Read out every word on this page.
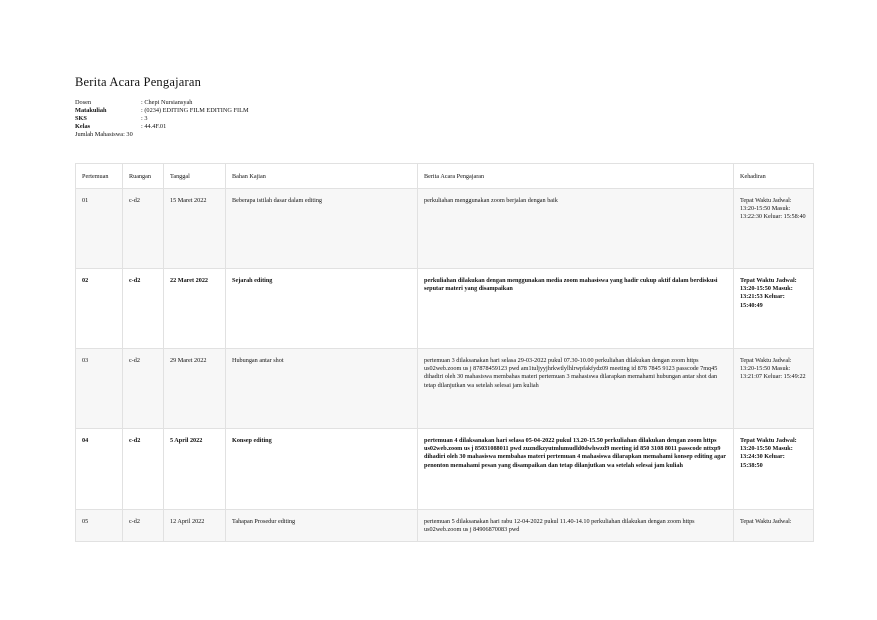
Berita Acara Pengajaran
Dosen	: Chepi Nursiansyah
Matakuliah	: (0234) EDITING FILM EDITING FILM
SKS	: 3
Kelas	: 44.4F.01
Jumlah Mahasiswa : 30
Pertemuan	Ruangan	Tanggal	Bahan Kajian	Berita Acara Pengajaran	Kehadiran
01	c-d2	15 Maret 2022	Beberapa istilah dasar dalam editing	perkuliahan menggunakan zoom berjalan dengan baik	Tepat Waktu Jadwal: 13:20-15:50 Masuk: 13:22:30 Keluar: 15:58:40
02	c-d2	22 Maret 2022	Sejarah editing	perkuliahan dilakukan dengan menggunakan media zoom mahasiswa yang hadir cukup aktif dalam berdiskusi seputar materi yang disampaikan	Tepat Waktu Jadwal: 13:20-15:50 Masuk: 13:21:53 Keluar: 15:40:49
03	c-d2	29 Maret 2022	Hubungan antar shot	pertemuan 3 dilaksanakan hari selasa 29-03-2022 pukul 07.30-10.00 perkuliahan dilakukan dengan zoom https us02web.zoom us j 87878459123 pwd am1tuljyyjhrkwtlylhlrwpfakfydz09 meeting id 878 7845 9123 passcode 7mq45 dihadiri oleh 30 mahasiswa membahas materi pertemuan 3 mahasiswa dilarapkan memahami hubungan antar shot dan tetap dilanjutkan wa setelah selesai jam kuliah	Tepat Waktu Jadwal: 13:20-15:50 Masuk: 13:21:07 Keluar: 15:49:22
04	c-d2	5 April 2022	Konsep editing	pertemuan 4 dilaksanakan hari selasa 05-04-2022 pukul 13.20-15.50 perkuliahan dilakukan dengan zoom https us02web.zoom us j 85031088011 pwd zuzndkzyutmlumudld0dwhwzd9 meeting id 850 3108 8011 passcode nttxp9 dihadiri oleh 30 mahasiswa membahas materi pertemuan 4 mahasiswa dilarapkan memahami konsep editing agar penonton memahami pesan yang disampaikan dan tetap dilanjutkan wa setelah selesai jam kuliah	Tepat Waktu Jadwal: 13:20-15:50 Masuk: 13:24:30 Keluar: 15:38:50
05	c-d2	12 April 2022	Tahapan Prosedur editing	pertemuan 5 dilaksanakan hari rabu 12-04-2022 pukul 11.40-14.10 perkuliahan dilakukan dengan zoom https us02web.zoom us j 84906870083 pwd	Tepat Waktu Jadwal:
